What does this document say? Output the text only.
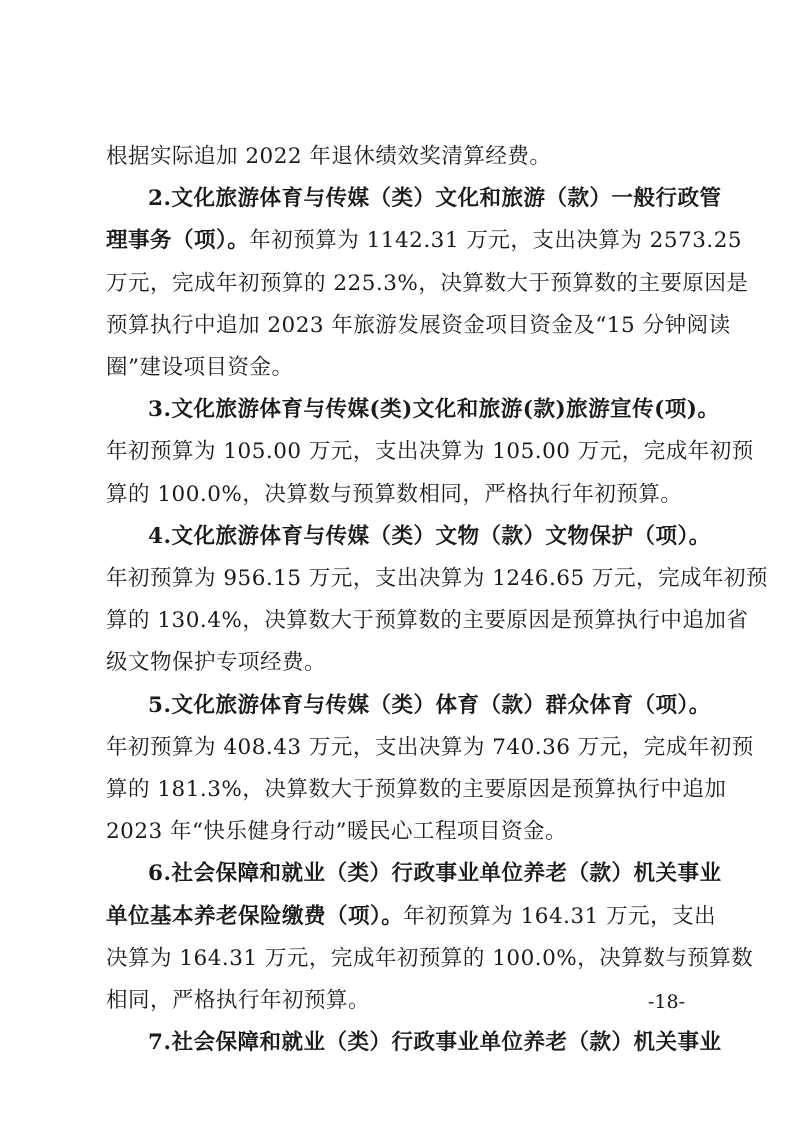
根据实际追加 2022 年退休绩效奖清算经费。
2.文化旅游体育与传媒（类）文化和旅游（款）一般行政管
理事务（项）。年初预算为 1142.31 万元，支出决算为 2573.25
万元，完成年初预算的 225.3%，决算数大于预算数的主要原因是
预算执行中追加 2023 年旅游发展资金项目资金及“15 分钟阅读
圈”建设项目资金。
3.文化旅游体育与传媒(类)文化和旅游(款)旅游宣传(项)。
年初预算为 105.00 万元，支出决算为 105.00 万元，完成年初预
算的 100.0%，决算数与预算数相同，严格执行年初预算。
4.文化旅游体育与传媒（类）文物（款）文物保护（项）。
年初预算为 956.15 万元，支出决算为 1246.65 万元，完成年初预
算的 130.4%，决算数大于预算数的主要原因是预算执行中追加省
级文物保护专项经费。
5.文化旅游体育与传媒（类）体育（款）群众体育（项）。
年初预算为 408.43 万元，支出决算为 740.36 万元，完成年初预
算的 181.3%，决算数大于预算数的主要原因是预算执行中追加
2023 年“快乐健身行动”暖民心工程项目资金。
6.社会保障和就业（类）行政事业单位养老（款）机关事业
单位基本养老保险缴费（项）。年初预算为 164.31 万元，支出
决算为 164.31 万元，完成年初预算的 100.0%，决算数与预算数
相同，严格执行年初预算。
7.社会保障和就业（类）行政事业单位养老（款）机关事业
-18-
